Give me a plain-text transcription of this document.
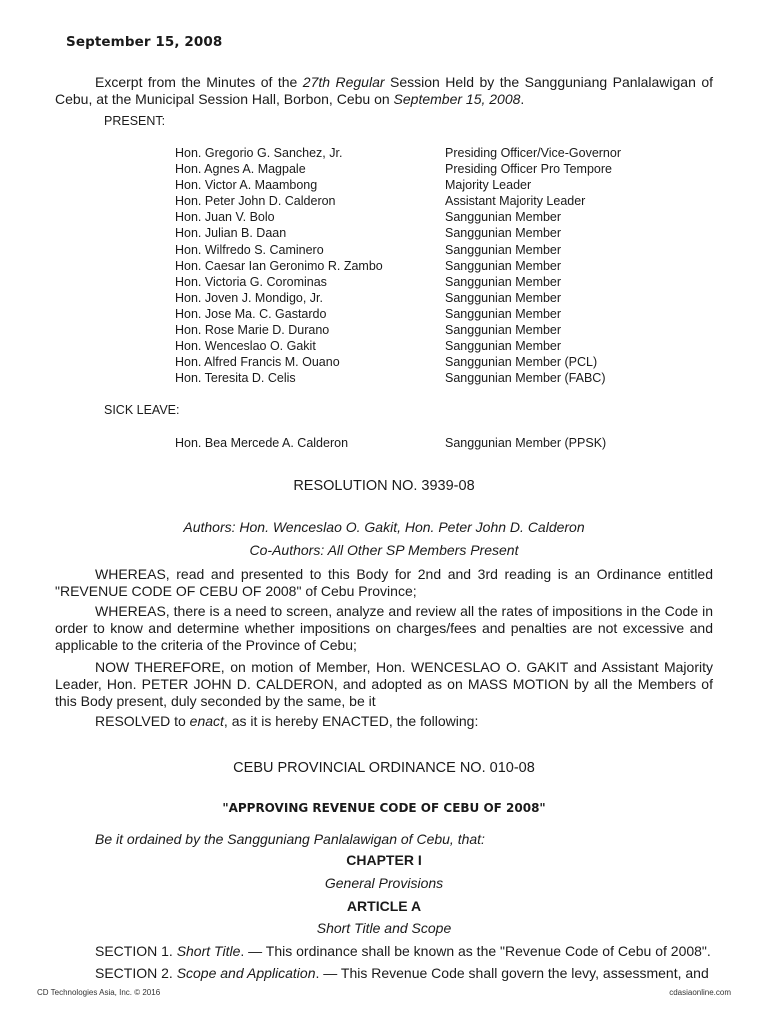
September 15, 2008
Excerpt from the Minutes of the 27th Regular Session Held by the Sangguniang Panlalawigan of Cebu, at the Municipal Session Hall, Borbon, Cebu on September 15, 2008.
PRESENT:
Hon. Gregorio G. Sanchez, Jr.	Presiding Officer/Vice-Governor
Hon. Agnes A. Magpale	Presiding Officer Pro Tempore
Hon. Victor A. Maambong	Majority Leader
Hon. Peter John D. Calderon	Assistant Majority Leader
Hon. Juan V. Bolo	Sanggunian Member
Hon. Julian B. Daan	Sanggunian Member
Hon. Wilfredo S. Caminero	Sanggunian Member
Hon. Caesar Ian Geronimo R. Zambo	Sanggunian Member
Hon. Victoria G. Corominas	Sanggunian Member
Hon. Joven J. Mondigo, Jr.	Sanggunian Member
Hon. Jose Ma. C. Gastardo	Sanggunian Member
Hon. Rose Marie D. Durano	Sanggunian Member
Hon. Wenceslao O. Gakit	Sanggunian Member
Hon. Alfred Francis M. Ouano	Sanggunian Member (PCL)
Hon. Teresita D. Celis	Sanggunian Member (FABC)
SICK LEAVE:
Hon. Bea Mercede A. Calderon	Sanggunian Member (PPSK)
RESOLUTION NO. 3939-08
Authors: Hon. Wenceslao O. Gakit, Hon. Peter John D. Calderon
Co-Authors: All Other SP Members Present
WHEREAS, read and presented to this Body for 2nd and 3rd reading is an Ordinance entitled "REVENUE CODE OF CEBU OF 2008" of Cebu Province;
WHEREAS, there is a need to screen, analyze and review all the rates of impositions in the Code in order to know and determine whether impositions on charges/fees and penalties are not excessive and applicable to the criteria of the Province of Cebu;
NOW THEREFORE, on motion of Member, Hon. WENCESLAO O. GAKIT and Assistant Majority Leader, Hon. PETER JOHN D. CALDERON, and adopted as on MASS MOTION by all the Members of this Body present, duly seconded by the same, be it
RESOLVED to enact, as it is hereby ENACTED, the following:
CEBU PROVINCIAL ORDINANCE NO. 010-08
"APPROVING REVENUE CODE OF CEBU OF 2008"
Be it ordained by the Sangguniang Panlalawigan of Cebu, that:
CHAPTER I
General Provisions
ARTICLE A
Short Title and Scope
SECTION 1. Short Title. — This ordinance shall be known as the "Revenue Code of Cebu of 2008".
SECTION 2. Scope and Application. — This Revenue Code shall govern the levy, assessment, and
CD Technologies Asia, Inc. © 2016	cdasiaonline.com
